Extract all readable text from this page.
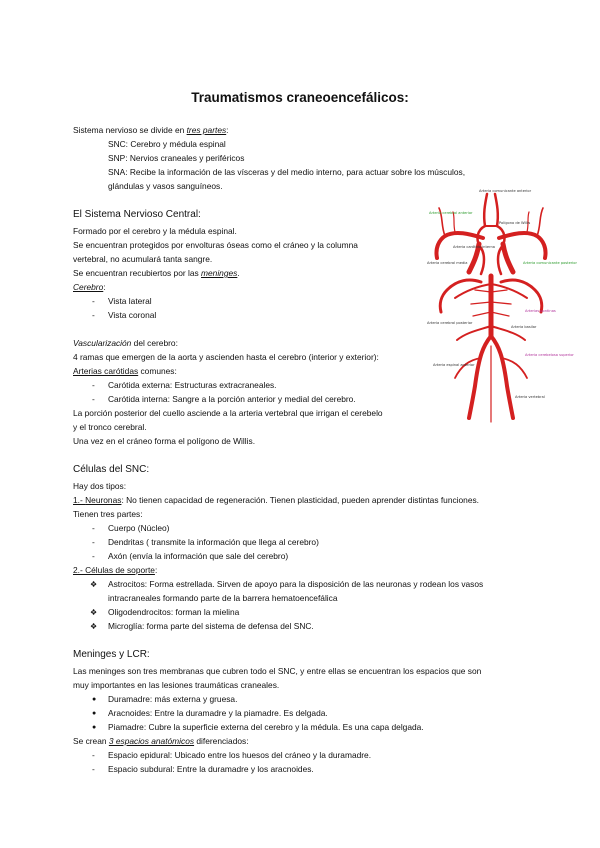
Traumatismos craneoencefálicos:
Sistema nervioso se divide en tres partes:
SNC: Cerebro y médula espinal
SNP: Nervios craneales y periféricos
SNA: Recibe la información de las vísceras y del medio interno, para actuar sobre los músculos,
glándulas y vasos sanguíneos.
El Sistema Nervioso Central:
Formado por el cerebro y la médula espinal.
Se encuentran protegidos por envolturas óseas como el cráneo y la columna
vertebral, no acumulará tanta sangre.
Se encuentran recubiertos por las meninges.
Cerebro:
- Vista lateral
- Vista coronal
Vascularización del cerebro:
4 ramas que emergen de la aorta y ascienden hasta el cerebro (interior y exterior):
Arterias carótidas comunes:
- Carótida externa: Estructuras extracraneales.
- Carótida interna: Sangre a la porción anterior y medial del cerebro.
La porción posterior del cuello asciende a la arteria vertebral que irrigan el cerebelo
y el tronco cerebral.
Una vez en el cráneo forma el polígono de Willis.
Arteria comunicante anterior
Arteria cerebral anterior
Polígono de Willis
Arteria cerebral media	Arteria comunicante posterior
Arteria cerebral posterior
Arteria basilar
Arteria vertebral
Arteria carótida interna
Arterias pontinas
Arteria cerebelosa superior
Arteria espinal anterior
Células del SNC:
Hay dos tipos:
1.- Neuronas: No tienen capacidad de regeneración. Tienen plasticidad, pueden aprender distintas funciones.
Tienen tres partes:
- Cuerpo (Núcleo)
- Dendritas ( transmite la información que llega al cerebro)
- Axón (envía la información que sale del cerebro)
2.- Células de soporte:
❖ Astrocitos: Forma estrellada. Sirven de apoyo para la disposición de las neuronas y rodean los vasos
intracraneales formando parte de la barrera hematoencefálica
❖ Oligodendrocitos: forman la mielina
❖ Microglía: forma parte del sistema de defensa del SNC.
Meninges y LCR:
Las meninges son tres membranas que cubren todo el SNC, y entre ellas se encuentran los espacios que son
muy importantes en las lesiones traumáticas craneales.
● Duramadre: más externa y gruesa.
● Aracnoides: Entre la duramadre y la piamadre. Es delgada.
● Piamadre: Cubre la superficie externa del cerebro y la médula. Es una capa delgada.
Se crean 3 espacios anatómicos diferenciados:
- Espacio epidural: Ubicado entre los huesos del cráneo y la duramadre.
- Espacio subdural: Entre la duramadre y los aracnoides.
